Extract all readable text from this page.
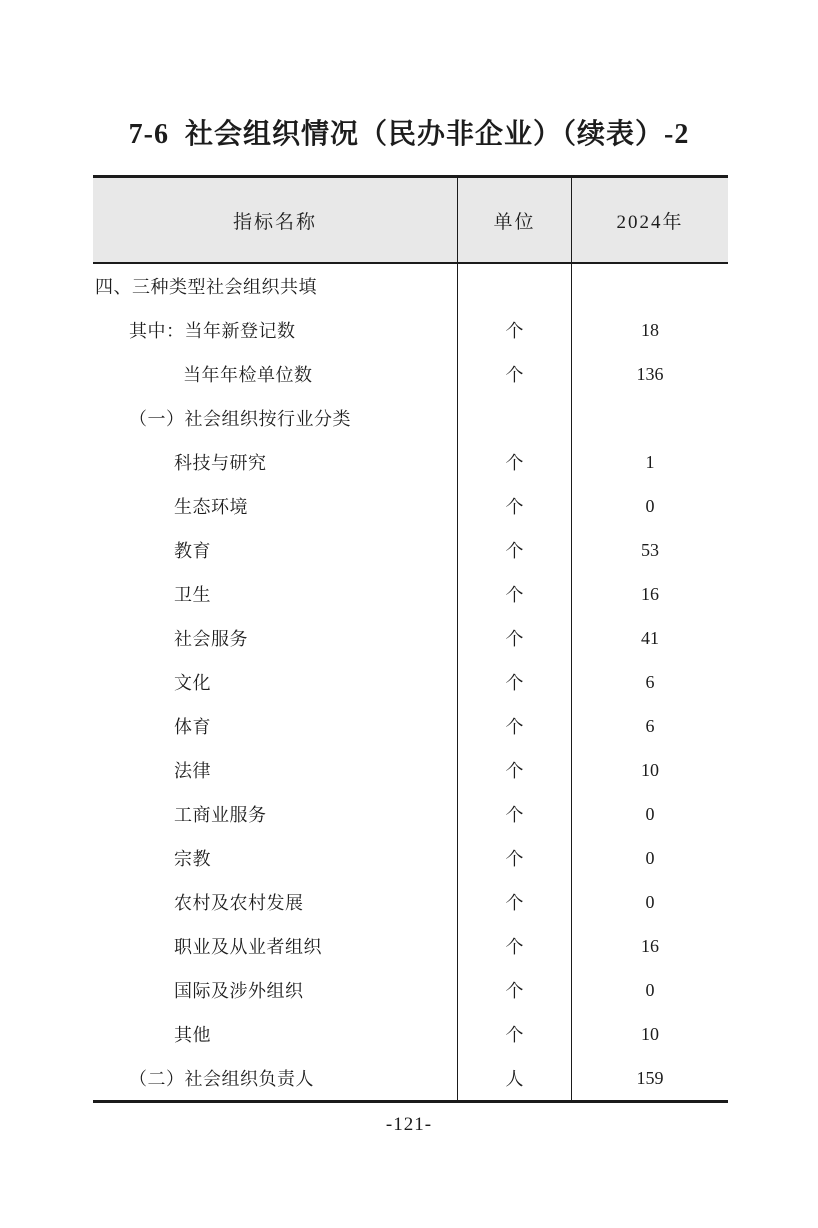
7-6  社会组织情况（民办非企业）（续表）-2
指标名称	单位	2024年
四、三种类型社会组织共填
其中：当年新登记数	个	18
当年年检单位数	个	136
（一）社会组织按行业分类
科技与研究	个	1
生态环境	个	0
教育	个	53
卫生	个	16
社会服务	个	41
文化	个	6
体育	个	6
法律	个	10
工商业服务	个	0
宗教	个	0
农村及农村发展	个	0
职业及从业者组织	个	16
国际及涉外组织	个	0
其他	个	10
（二）社会组织负责人	人	159
-121-
